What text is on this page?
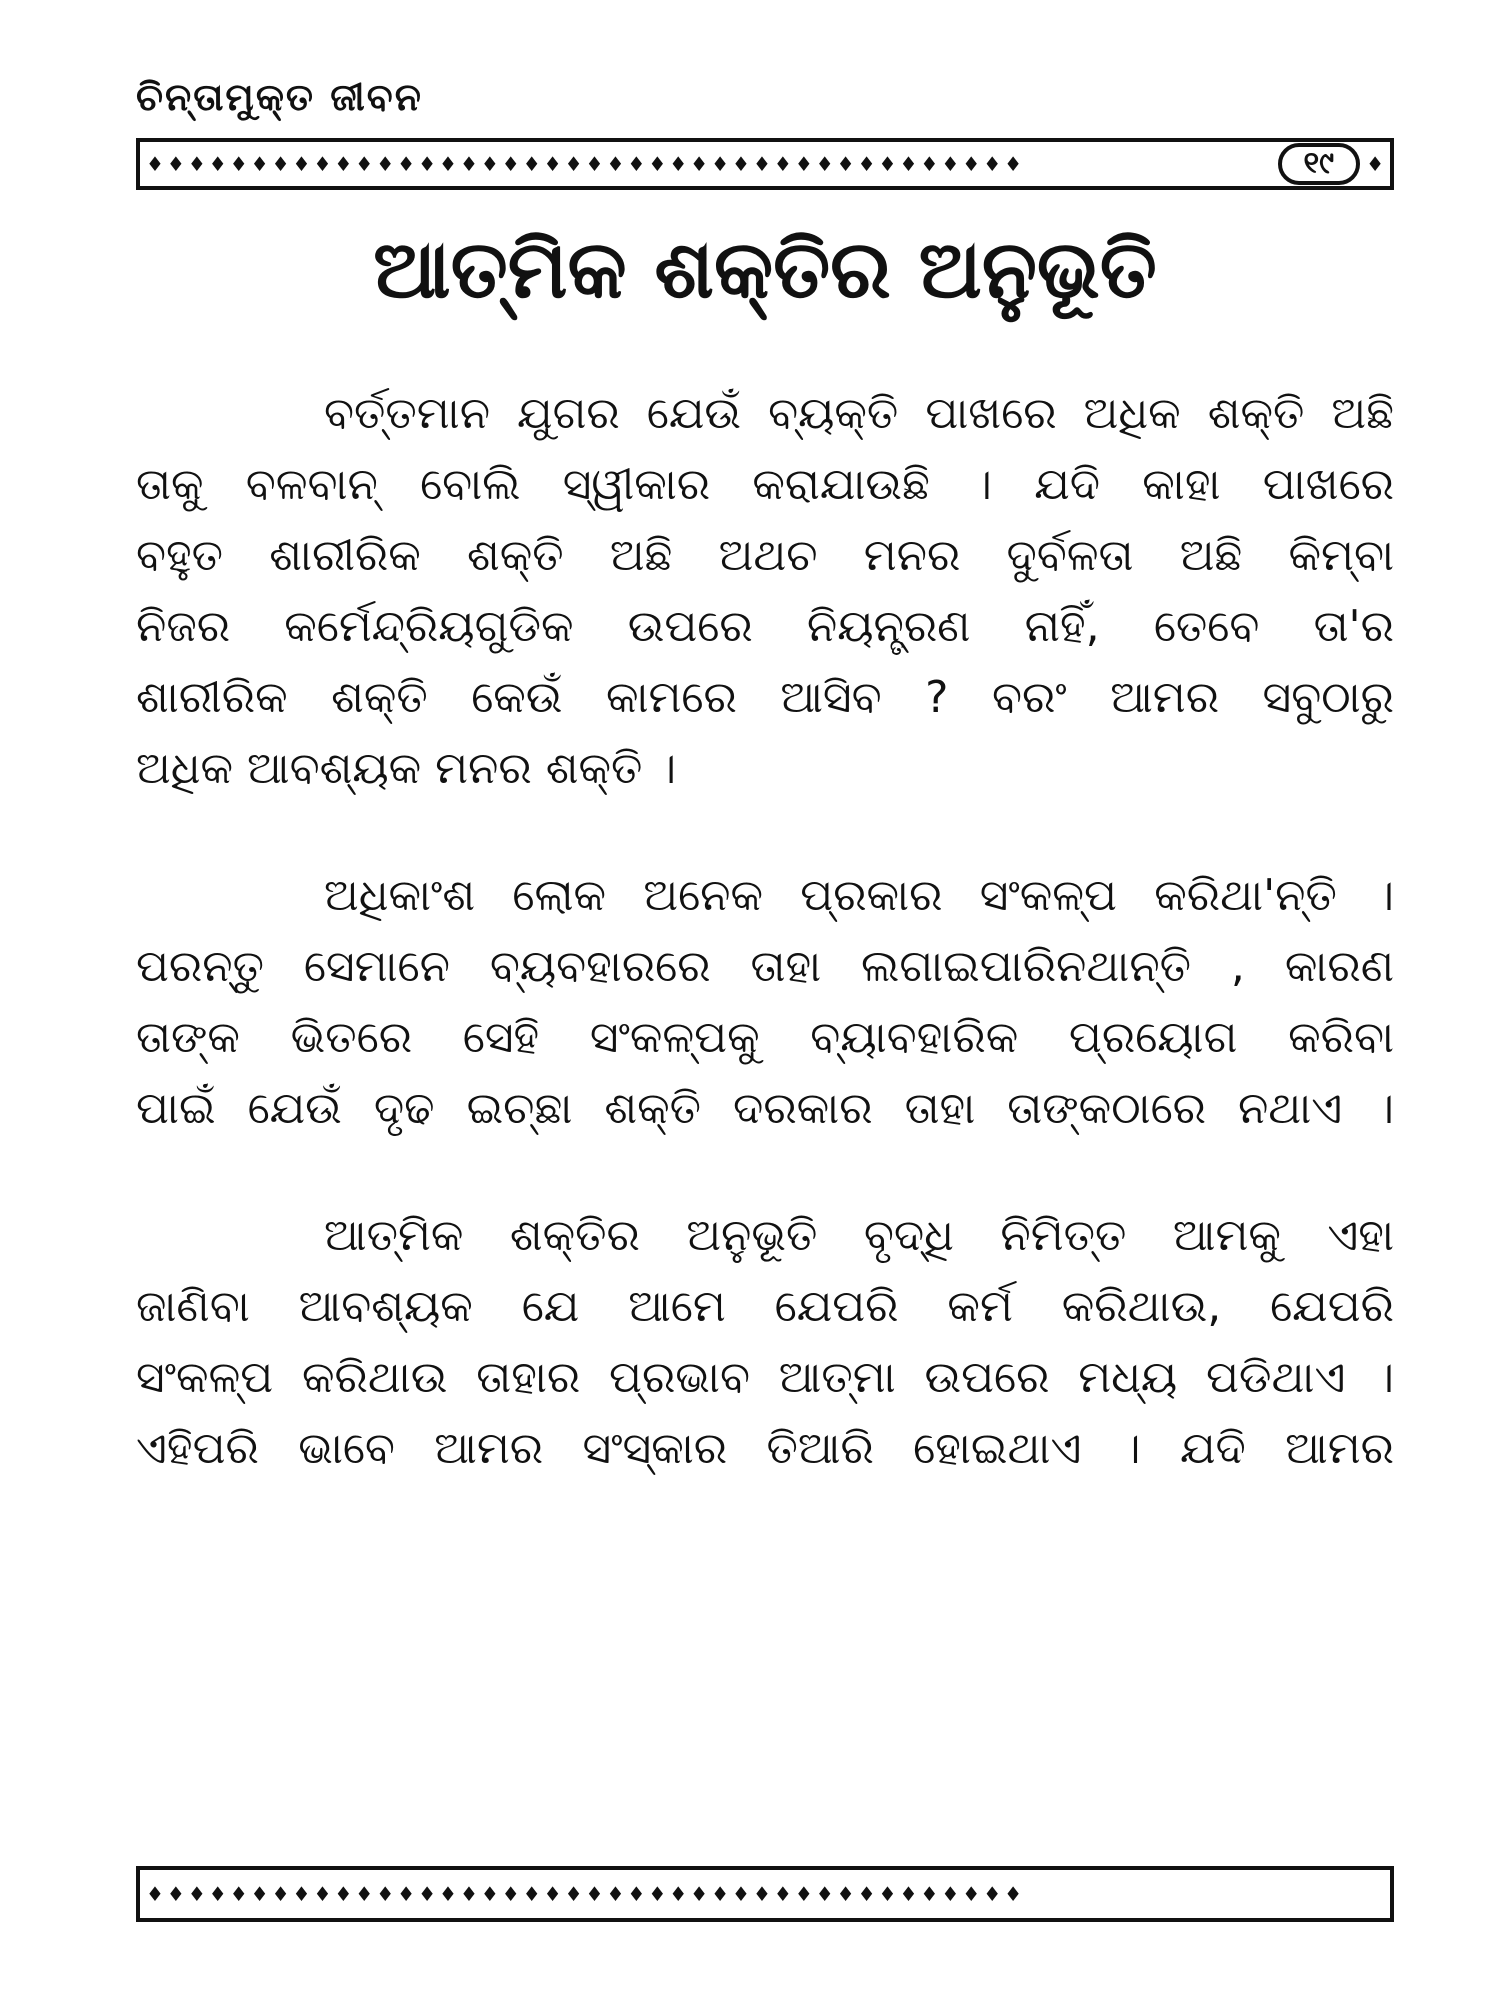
ଚିନ୍ତାମୁକ୍ତ ଜୀବନ
♦♦♦♦♦♦♦♦♦♦♦♦♦♦♦♦♦♦♦♦♦♦♦♦♦♦♦♦♦♦♦♦♦♦♦♦♦♦♦♦♦♦	୧୯	♦
ଆତ୍ମିକ ଶକ୍ତିର ଅନୁଭୂତି
ବର୍ତ୍ତମାନ ଯୁଗର ଯେଉଁ ବ୍ୟକ୍ତି ପାଖରେ ଅଧିକ ଶକ୍ତି ଅଛି
ତାକୁ ବଳବାନ୍ ବୋଲି ସ୍ୱୀକାର କରାଯାଉଛି । ଯଦି କାହା ପାଖରେ
ବହୁତ ଶାରୀରିକ ଶକ୍ତି ଅଛି ଅଥଚ ମନର ଦୁର୍ବଳତା ଅଛି କିମ୍ବା
ନିଜର କର୍ମେନ୍ଦ୍ରିୟଗୁଡିକ ଉପରେ ନିୟନ୍ତ୍ରଣ ନାହିଁ, ତେବେ ତା'ର
ଶାରୀରିକ ଶକ୍ତି କେଉଁ କାମରେ ଆସିବ ? ବରଂ ଆମର ସବୁଠାରୁ
ଅଧିକ ଆବଶ୍ୟକ ମନର ଶକ୍ତି ।
ଅଧିକାଂଶ ଲୋକ ଅନେକ ପ୍ରକାର ସଂକଳ୍ପ କରିଥା'ନ୍ତି ।
ପରନ୍ତୁ ସେମାନେ ବ୍ୟବହାରରେ ତାହା ଲଗାଇପାରିନଥାନ୍ତି , କାରଣ
ତାଙ୍କ ଭିତରେ ସେହି ସଂକଳ୍ପକୁ ବ୍ୟାବହାରିକ ପ୍ରୟୋଗ କରିବା
ପାଇଁ ଯେଉଁ ଦୃଢ ଇଚ୍ଛା ଶକ୍ତି ଦରକାର ତାହା ତାଙ୍କଠାରେ ନଥାଏ ।
ଆତ୍ମିକ ଶକ୍ତିର ଅନୁଭୂତି ବୃଦ୍ଧି ନିମିତ୍ତ ଆମକୁ ଏହା
ଜାଣିବା ଆବଶ୍ୟକ ଯେ ଆମେ ଯେପରି କର୍ମ କରିଥାଉ, ଯେପରି
ସଂକଳ୍ପ କରିଥାଉ ତାହାର ପ୍ରଭାବ ଆତ୍ମା ଉପରେ ମଧ୍ୟ ପଡିଥାଏ ।
ଏହିପରି ଭାବେ ଆମର ସଂସ୍କାର ତିଆରି ହୋଇଥାଏ । ଯଦି ଆମର
♦♦♦♦♦♦♦♦♦♦♦♦♦♦♦♦♦♦♦♦♦♦♦♦♦♦♦♦♦♦♦♦♦♦♦♦♦♦♦♦♦♦
